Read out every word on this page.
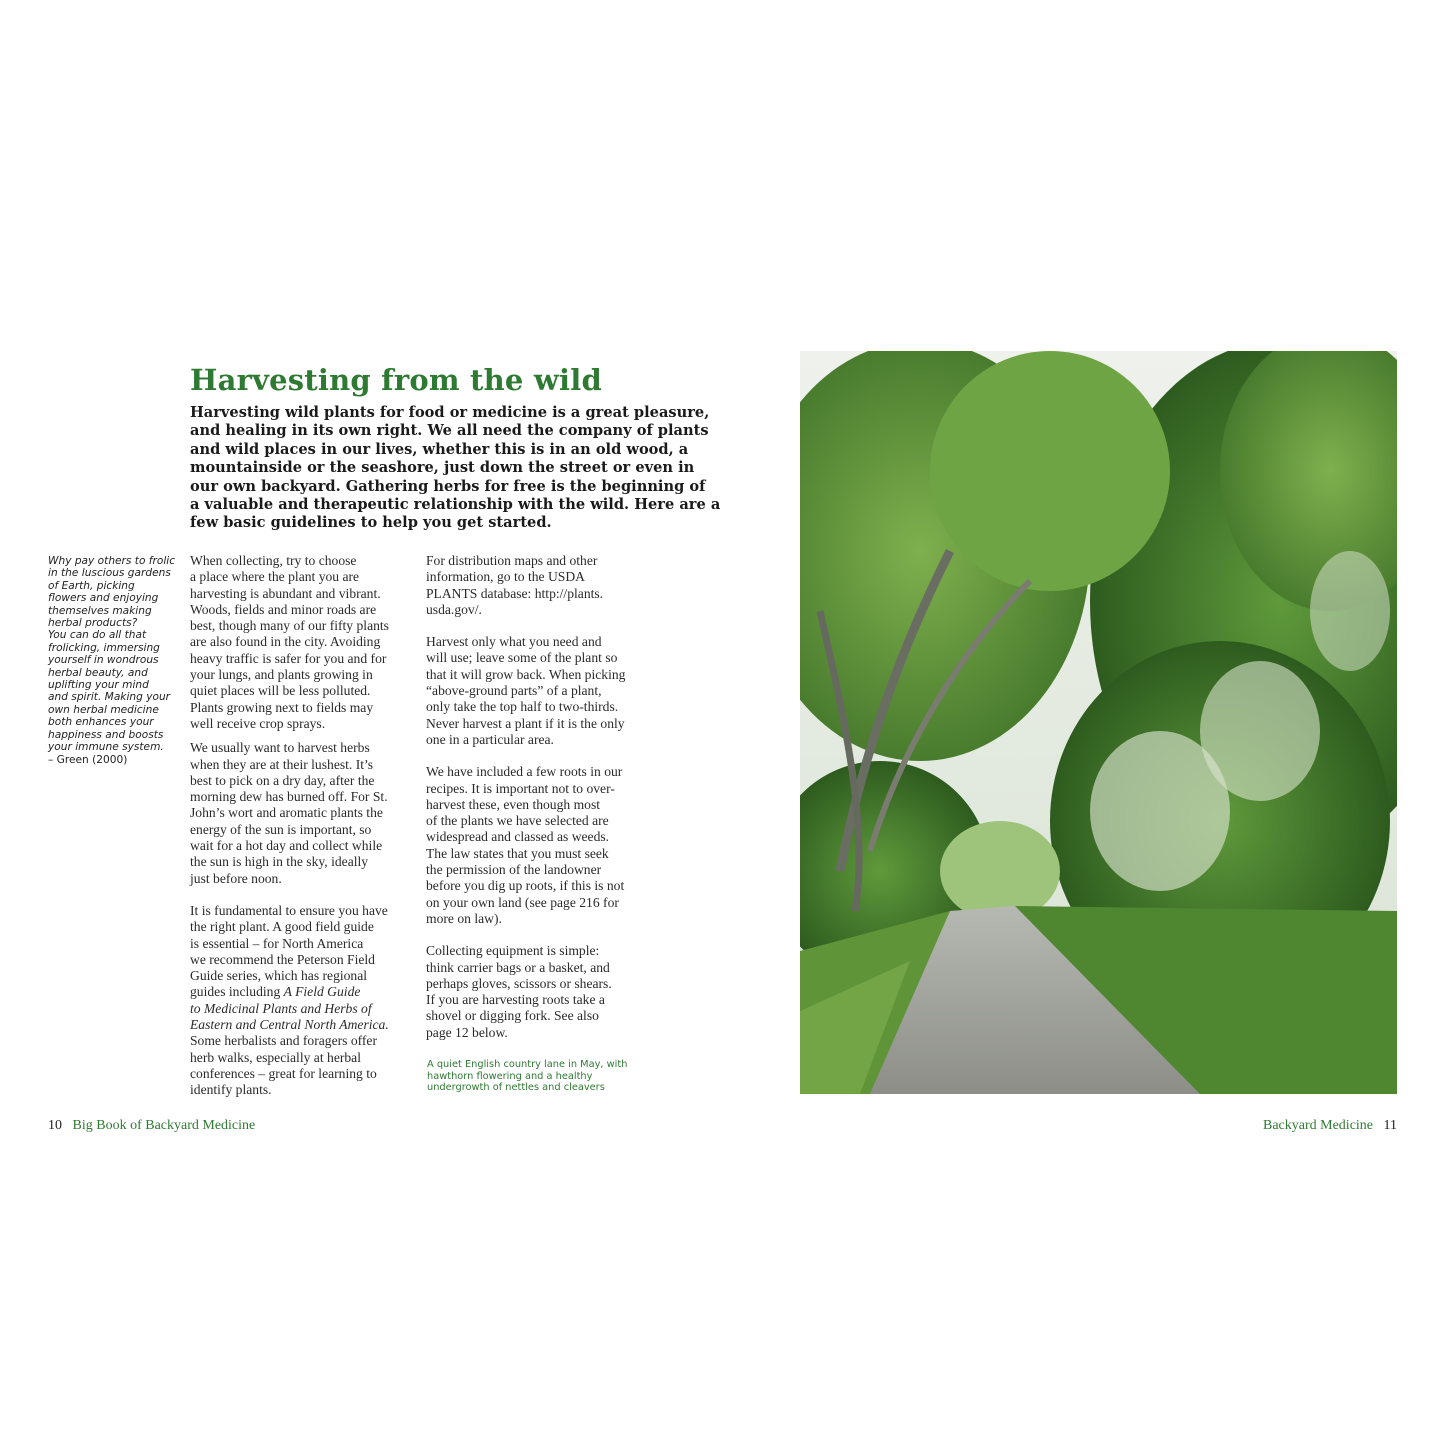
Harvesting from the wild
Harvesting wild plants for food or medicine is a great pleasure,
and healing in its own right. We all need the company of plants
and wild places in our lives, whether this is in an old wood, a
mountainside or the seashore, just down the street or even in
our own backyard. Gathering herbs for free is the beginning of
a valuable and therapeutic relationship with the wild. Here are a
few basic guidelines to help you get started.
Why pay others to frolic
in the luscious gardens
of Earth, picking
flowers and enjoying
themselves making
herbal products?
You can do all that
frolicking, immersing
yourself in wondrous
herbal beauty, and
uplifting your mind
and spirit. Making your
own herbal medicine
both enhances your
happiness and boosts
your immune system.
– Green (2000)
When collecting, try to choose
a place where the plant you are
harvesting is abundant and vibrant.
Woods, fields and minor roads are
best, though many of our fifty plants
are also found in the city. Avoiding
heavy traffic is safer for you and for
your lungs, and plants growing in
quiet places will be less polluted.
Plants growing next to fields may
well receive crop sprays.
We usually want to harvest herbs
when they are at their lushest. It’s
best to pick on a dry day, after the
morning dew has burned off. For St.
John’s wort and aromatic plants the
energy of the sun is important, so
wait for a hot day and collect while
the sun is high in the sky, ideally
just before noon.
It is fundamental to ensure you have
the right plant. A good field guide
is essential – for North America
we recommend the Peterson Field
Guide series, which has regional
guides including A Field Guide
to Medicinal Plants and Herbs of
Eastern and Central North America.
Some herbalists and foragers offer
herb walks, especially at herbal
conferences – great for learning to
identify plants.
For distribution maps and other
information, go to the USDA
PLANTS database: http://plants.
usda.gov/.
Harvest only what you need and
will use; leave some of the plant so
that it will grow back. When picking
“above-ground parts” of a plant,
only take the top half to two-thirds.
Never harvest a plant if it is the only
one in a particular area.
We have included a few roots in our
recipes. It is important not to over-
harvest these, even though most
of the plants we have selected are
widespread and classed as weeds.
The law states that you must seek
the permission of the landowner
before you dig up roots, if this is not
on your own land (see page 216 for
more on law).
Collecting equipment is simple:
think carrier bags or a basket, and
perhaps gloves, scissors or shears.
If you are harvesting roots take a
shovel or digging fork. See also
page 12 below.
A quiet English country lane in May, with
hawthorn flowering and a healthy
undergrowth of nettles and cleavers
10 Big Book of Backyard Medicine	Backyard Medicine 11
